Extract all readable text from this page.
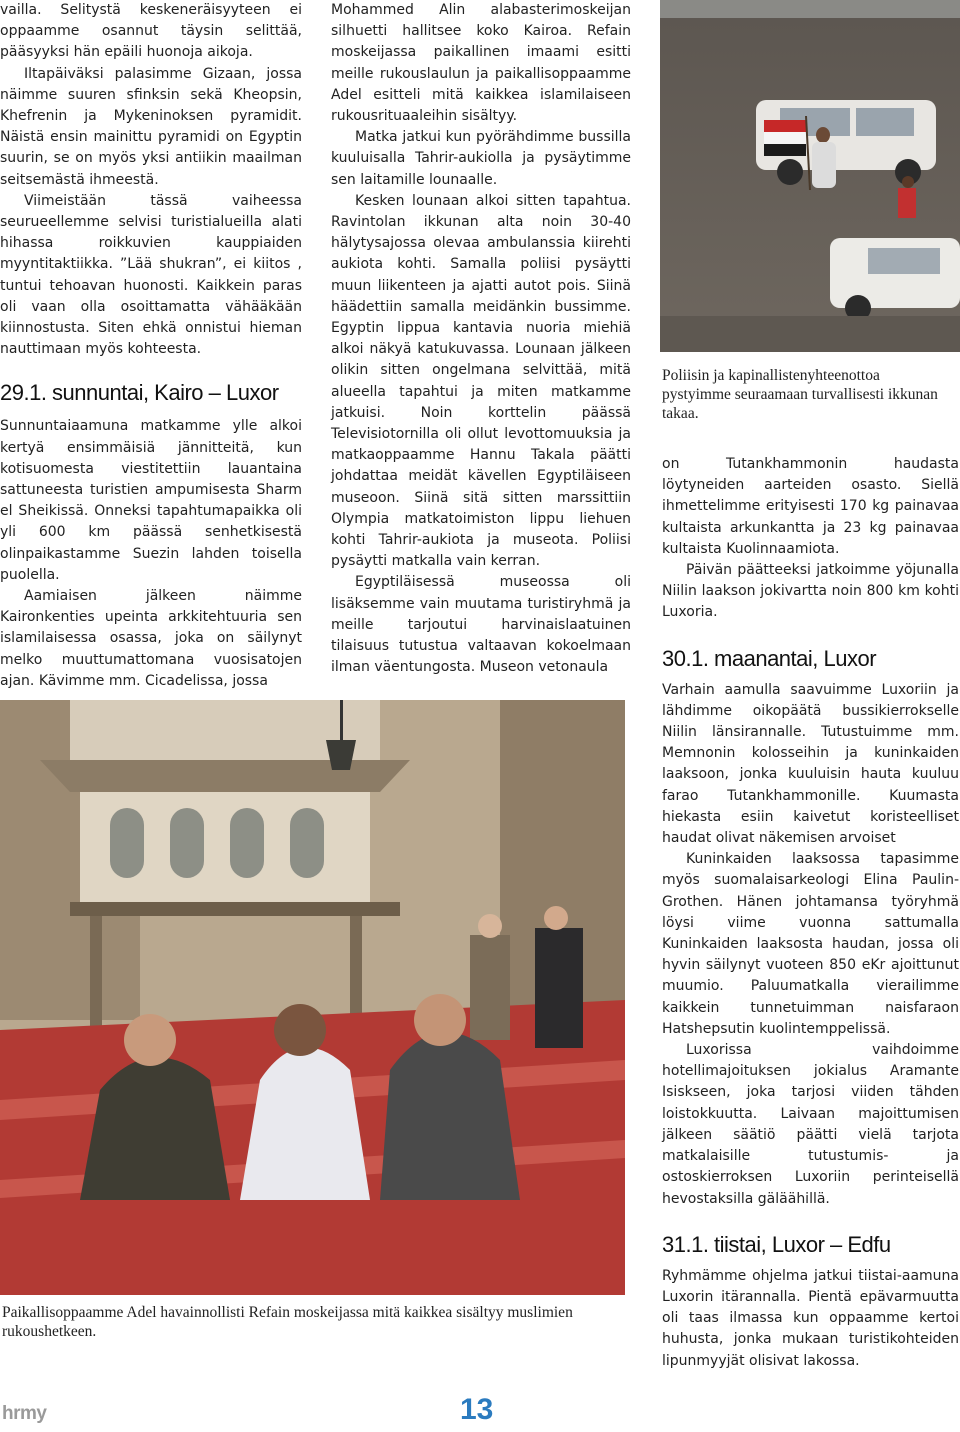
vailla. Selitystä keskeneräisyyteen ei oppaamme osannut täysin selittää, pääsyyksi hän epäili huonoja aikoja.

Iltapäiväksi palasimme Gizaan, jossa näimme suuren sfinksin sekä Kheopsin, Khefrenin ja Mykeninoksen pyramidit. Näistä ensin mainittu pyramidi on Egyptin suurin, se on myös yksi antiikin maailman seitsemästä ihmeestä.

Viimeistään tässä vaiheessa seurueellemme selvisi turistialueilla alati hihassa roikkuvien kauppiaiden myyntitaktiikka. ”Lää shukran”, ei kiitos , tuntui tehoavan huonosti. Kaikkein paras oli vaan olla osoittamatta vähääkään kiinnostusta. Siten ehkä onnistui hieman nauttimaan myös kohteesta.

29.1. sunnuntai, Kairo – Luxor

Sunnuntaiaamuna matkamme ylle alkoi kertyä ensimmäisiä jännitteitä, kun kotisuomesta viestitettiin lauantaina sattuneesta turistien ampumisesta Sharm el Sheikissä. Onneksi tapahtumapaikka oli yli 600 km päässä senhetkisestä olinpaikastamme Suezin lahden toisella puolella.

Aamiaisen jälkeen näimme Kaironkenties upeinta arkkitehtuuria sen islamilaisessa osassa, joka on säilynyt melko muuttumattomana vuosisatojen ajan. Kävimme mm. Cicadelissa, jossa

Mohammed Alin alabasterimoskeijan silhuetti hallitsee koko Kairoa. Refain moskeijassa paikallinen imaami esitti meille rukouslaulun ja paikallisoppaamme Adel esitteli mitä kaikkea islamilaiseen rukousrituaaleihin sisältyy.

Matka jatkui kun pyörähdimme bussilla kuuluisalla Tahrir-aukiolla ja pysäytimme sen laitamille lounaalle.

Kesken lounaan alkoi sitten tapahtua. Ravintolan ikkunan alta noin 30-40 hälytysajossa olevaa ambulanssia kiirehti aukiota kohti. Samalla poliisi pysäytti muun liikenteen ja ajatti autot pois. Siinä häädettiin samalla meidänkin bussimme. Egyptin lippua kantavia nuoria miehiä alkoi näkyä katukuvassa. Lounaan jälkeen olikin sitten ongelmana selvittää, mitä alueella tapahtui ja miten matkamme jatkuisi. Noin korttelin päässä Televisiotornilla oli ollut levottomuuksia ja matkaoppaamme Hannu Takala päätti johdattaa meidät kävellen Egyptiläiseen museoon. Siinä sitä sitten marssittiin Olympia matkatoimiston lippu liehuen kohti Tahrir-aukiota ja museota. Poliisi pysäytti matkalla vain kerran.

Egyptiläisessä museossa oli lisäksemme vain muutama turistiryhmä ja meille tarjoutui harvinaislaatuinen tilaisuus tutustua valtaavan kokoelmaan ilman väentungosta. Museon vetonaula

Poliisin ja kapinallistenyhteenottoa pystyimme seuraamaan turvallisesti ikkunan takaa.

on Tutankhammonin haudasta löytyneiden aarteiden osasto. Siellä ihmettelimme erityisesti 170 kg painavaa kultaista arkunkantta ja 23 kg painavaa kultaista Kuolinnaamiota.

Päivän päätteeksi jatkoimme yöjunalla Niilin laakson jokivartta noin 800 km kohti Luxoria.

30.1. maanantai, Luxor

Varhain aamulla saavuimme Luxoriin ja lähdimme oikopäätä bussikierrokselle Niilin länsirannalle. Tutustuimme mm. Memnonin kolosseihin ja kuninkaiden laaksoon, jonka kuuluisin hauta kuuluu farao Tutankhammonille. Kuumasta hiekasta esiin kaivetut koristeelliset haudat olivat näkemisen arvoiset

Kuninkaiden laaksossa tapasimme myös suomalaisarkeologi Elina Paulin-Grothen. Hänen johtamansa työryhmä löysi viime vuonna sattumalla Kuninkaiden laaksosta haudan, jossa oli hyvin säilynyt vuoteen 850 eKr ajoittunut muumio. Paluumatkalla vierailimme kaikkein tunnetuimman naisfaraon Hatshepsutin kuolintemppelissä.

Luxorissa vaihdoimme hotellimajoituksen jokialus Aramante Isiskseen, joka tarjosi viiden tähden loistokkuutta. Laivaan majoittumisen jälkeen säätiö päätti vielä tarjota matkalaisille tutustumis- ja ostoskierroksen Luxoriin perinteisellä hevostaksilla gäläähillä.

31.1. tiistai, Luxor – Edfu

Ryhmämme ohjelma jatkui tiistai-aamuna Luxorin itärannalla. Pientä epävarmuutta oli taas ilmassa kun oppaamme kertoi huhusta, jonka mukaan turistikohteiden lipunmyyjät olisivat lakossa.

Paikallisoppaamme Adel havainnollisti Refain moskeijassa mitä kaikkea sisältyy muslimien rukoushetkeen.
hrmy	13
